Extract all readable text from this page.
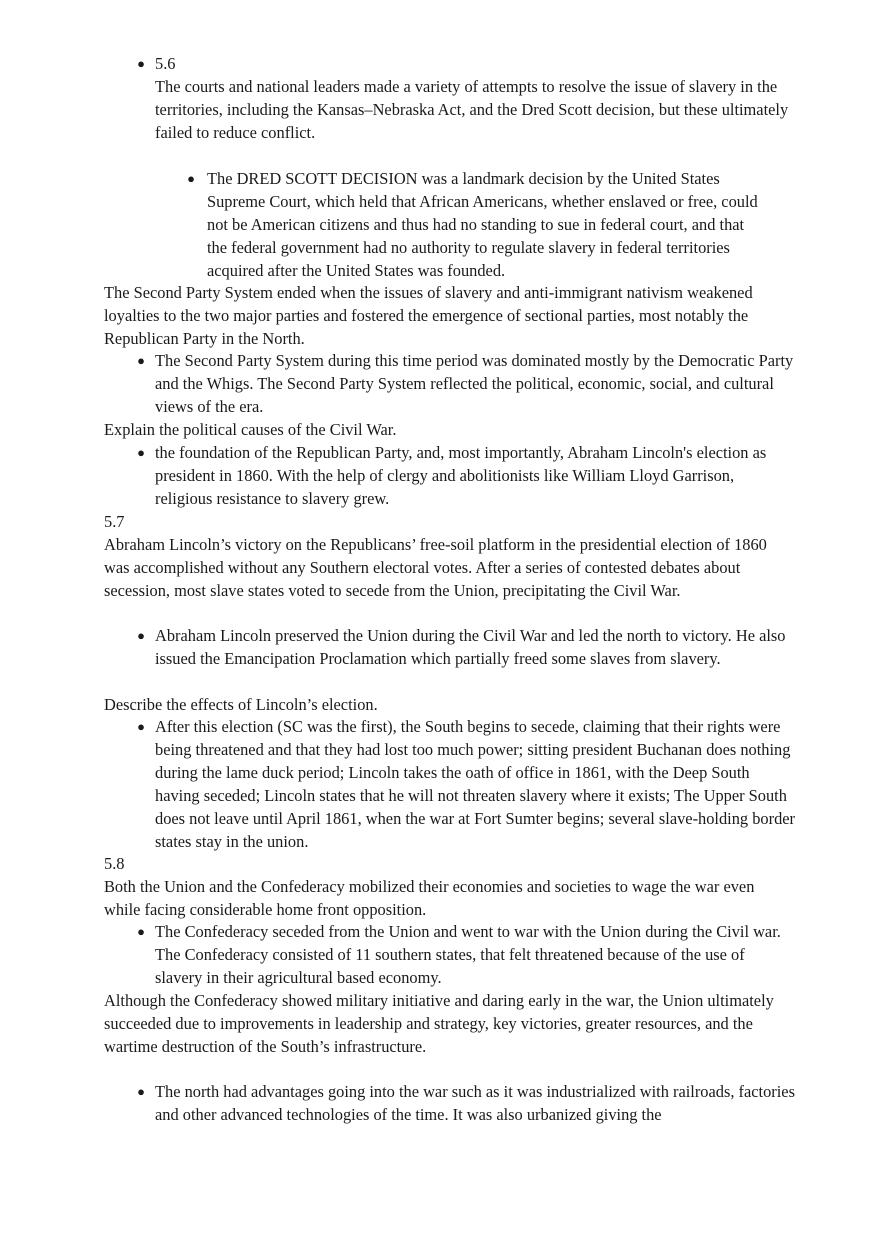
● 5.6
The courts and national leaders made a variety of attempts to resolve the issue of slavery in the territories, including the Kansas–Nebraska Act, and the Dred Scott decision, but these ultimately failed to reduce conflict.
● The DRED SCOTT DECISION was a landmark decision by the United States Supreme Court, which held that African Americans, whether enslaved or free, could not be American citizens and thus had no standing to sue in federal court, and that the federal government had no authority to regulate slavery in federal territories acquired after the United States was founded.

The Second Party System ended when the issues of slavery and anti-immigrant nativism weakened loyalties to the two major parties and fostered the emergence of sectional parties, most notably the Republican Party in the North.

● The Second Party System during this time period was dominated mostly by the Democratic Party and the Whigs. The Second Party System reflected the political, economic, social, and cultural views of the era.

Explain the political causes of the Civil War.

● the foundation of the Republican Party, and, most importantly, Abraham Lincoln's election as president in 1860. With the help of clergy and abolitionists like William Lloyd Garrison, religious resistance to slavery grew.

5.7

Abraham Lincoln’s victory on the Republicans’ free-soil platform in the presidential election of 1860 was accomplished without any Southern electoral votes. After a series of contested debates about secession, most slave states voted to secede from the Union, precipitating the Civil War.

● Abraham Lincoln preserved the Union during the Civil War and led the north to victory. He also issued the Emancipation Proclamation which partially freed some slaves from slavery.

Describe the effects of Lincoln’s election.

● After this election (SC was the first), the South begins to secede, claiming that their rights were being threatened and that they had lost too much power; sitting president Buchanan does nothing during the lame duck period; Lincoln takes the oath of office in 1861, with the Deep South having seceded; Lincoln states that he will not threaten slavery where it exists; The Upper South does not leave until April 1861, when the war at Fort Sumter begins; several slave-holding border states stay in the union.

5.8

Both the Union and the Confederacy mobilized their economies and societies to wage the war even while facing considerable home front opposition.

● The Confederacy seceded from the Union and went to war with the Union during the Civil war. The Confederacy consisted of 11 southern states, that felt threatened because of the use of slavery in their agricultural based economy.

Although the Confederacy showed military initiative and daring early in the war, the Union ultimately succeeded due to improvements in leadership and strategy, key victories, greater resources, and the wartime destruction of the South’s infrastructure.

● The north had advantages going into the war such as it was industrialized with railroads, factories and other advanced technologies of the time. It was also urbanized giving the
